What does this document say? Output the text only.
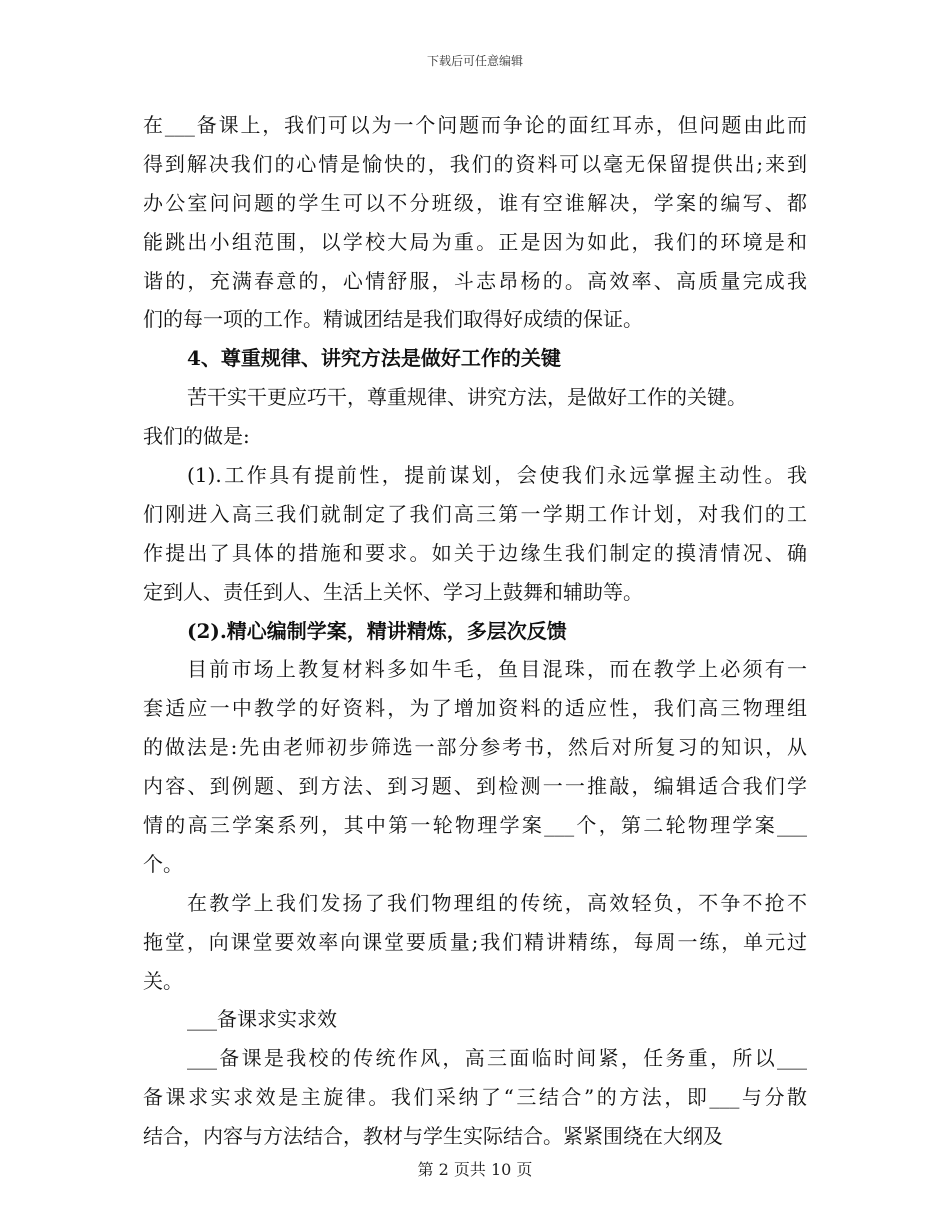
下载后可任意编辑
在___备课上，我们可以为一个问题而争论的面红耳赤，但问题由此而
得到解决我们的心情是愉快的，我们的资料可以毫无保留提供出;来到
办公室问问题的学生可以不分班级，谁有空谁解决，学案的编写、都
能跳出小组范围，以学校大局为重。正是因为如此，我们的环境是和
谐的，充满春意的，心情舒服，斗志昂杨的。高效率、高质量完成我
们的每一项的工作。精诚团结是我们取得好成绩的保证。
4、尊重规律、讲究方法是做好工作的关键
苦干实干更应巧干，尊重规律、讲究方法，是做好工作的关键。
我们的做是:
(1).工作具有提前性，提前谋划，会使我们永远掌握主动性。我
们刚进入高三我们就制定了我们高三第一学期工作计划，对我们的工
作提出了具体的措施和要求。如关于边缘生我们制定的摸清情况、确
定到人、责任到人、生活上关怀、学习上鼓舞和辅助等。
(2).精心编制学案，精讲精炼，多层次反馈
目前市场上教复材料多如牛毛，鱼目混珠，而在教学上必须有一
套适应一中教学的好资料，为了增加资料的适应性，我们高三物理组
的做法是:先由老师初步筛选一部分参考书，然后对所复习的知识，从
内容、到例题、到方法、到习题、到检测一一推敲，编辑适合我们学
情的高三学案系列，其中第一轮物理学案___个，第二轮物理学案___
个。
在教学上我们发扬了我们物理组的传统，高效轻负，不争不抢不
拖堂，向课堂要效率向课堂要质量;我们精讲精练，每周一练，单元过
关。
___备课求实求效
___备课是我校的传统作风，高三面临时间紧，任务重，所以___
备课求实求效是主旋律。我们采纳了“三结合”的方法，即___与分散
结合，内容与方法结合，教材与学生实际结合。紧紧围绕在大纲及
第 2 页共 10 页
